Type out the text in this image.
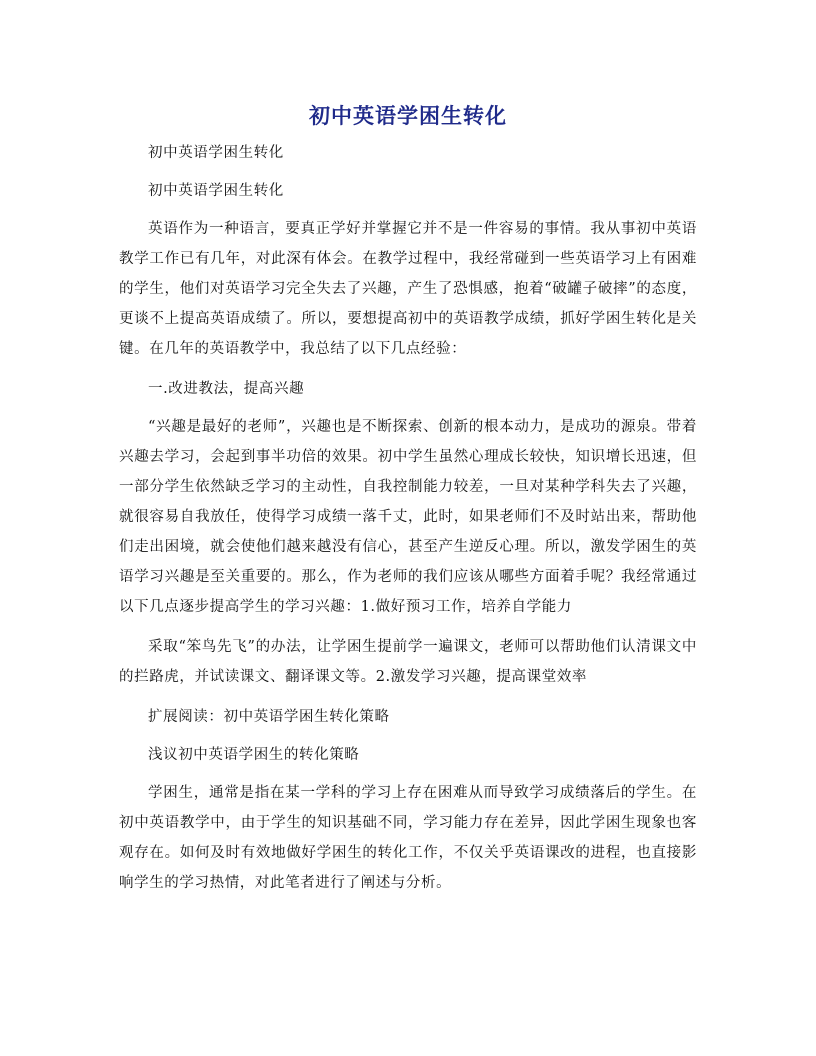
初中英语学困生转化

初中英语学困生转化

初中英语学困生转化

英语作为一种语言，要真正学好并掌握它并不是一件容易的事情。我从事初中英语教学工作已有几年，对此深有体会。在教学过程中，我经常碰到一些英语学习上有困难的学生，他们对英语学习完全失去了兴趣，产生了恐惧感，抱着“破罐子破摔”的态度，更谈不上提高英语成绩了。所以，要想提高初中的英语教学成绩，抓好学困生转化是关键。在几年的英语教学中，我总结了以下几点经验：

一.改进教法，提高兴趣

“兴趣是最好的老师”，兴趣也是不断探索、创新的根本动力，是成功的源泉。带着兴趣去学习，会起到事半功倍的效果。初中学生虽然心理成长较快，知识增长迅速，但一部分学生依然缺乏学习的主动性，自我控制能力较差，一旦对某种学科失去了兴趣，就很容易自我放任，使得学习成绩一落千丈，此时，如果老师们不及时站出来，帮助他们走出困境，就会使他们越来越没有信心，甚至产生逆反心理。所以，激发学困生的英语学习兴趣是至关重要的。那么，作为老师的我们应该从哪些方面着手呢？我经常通过以下几点逐步提高学生的学习兴趣：1.做好预习工作，培养自学能力

采取“笨鸟先飞”的办法，让学困生提前学一遍课文，老师可以帮助他们认清课文中的拦路虎，并试读课文、翻译课文等。2.激发学习兴趣，提高课堂效率

扩展阅读：初中英语学困生转化策略

浅议初中英语学困生的转化策略

学困生，通常是指在某一学科的学习上存在困难从而导致学习成绩落后的学生。在初中英语教学中，由于学生的知识基础不同，学习能力存在差异，因此学困生现象也客观存在。如何及时有效地做好学困生的转化工作，不仅关乎英语课改的进程，也直接影响学生的学习热情，对此笔者进行了阐述与分析。
